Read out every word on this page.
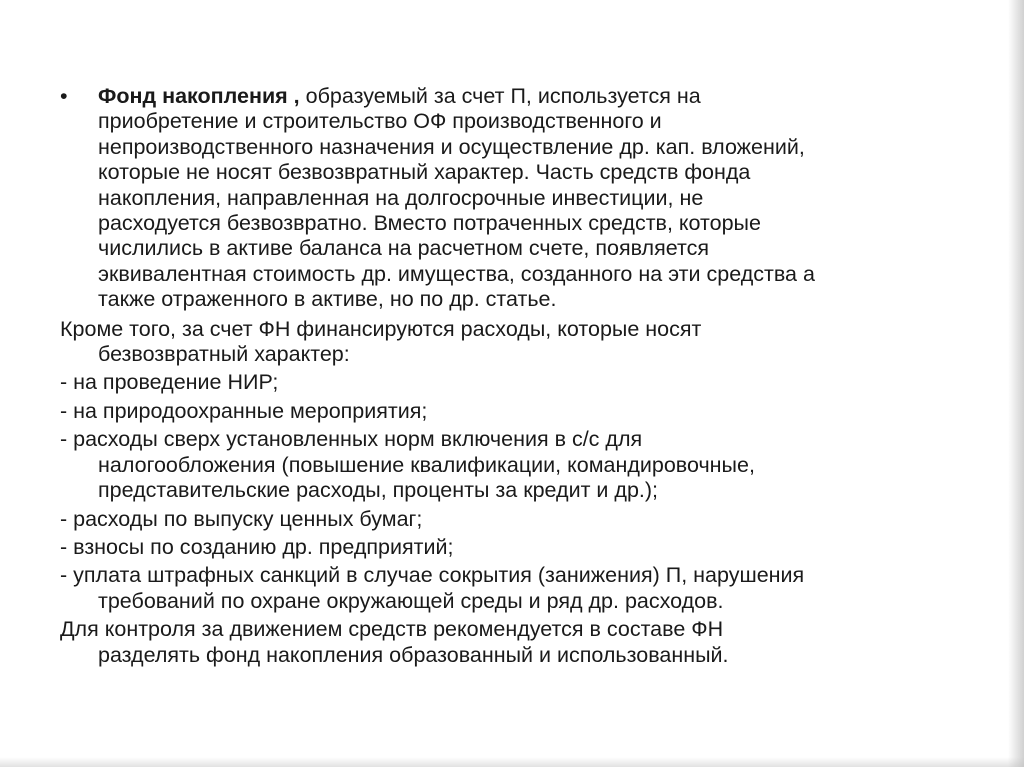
• Фонд накопления , образуемый за счет П, используется на
приобретение и строительство ОФ производственного и
непроизводственного назначения и осуществление др. кап. вложений,
которые не носят безвозвратный характер. Часть средств фонда
накопления, направленная на долгосрочные инвестиции, не
расходуется безвозвратно. Вместо потраченных средств, которые
числились в активе баланса на расчетном счете, появляется
эквивалентная стоимость др. имущества, созданного на эти средства а
также отраженного в активе, но по др. статье.

Кроме того, за счет ФН финансируются расходы, которые носят
безвозвратный характер:

- на проведение НИР;

- на природоохранные мероприятия;

- расходы сверх установленных норм включения в с/с для
налогообложения (повышение квалификации, командировочные,
представительские расходы, проценты за кредит и др.);

- расходы по выпуску ценных бумаг;

- взносы по созданию др. предприятий;

- уплата штрафных санкций в случае сокрытия (занижения) П, нарушения
требований по охране окружающей среды и ряд др. расходов.

Для контроля за движением средств рекомендуется в составе ФН
разделять фонд накопления образованный и использованный.
